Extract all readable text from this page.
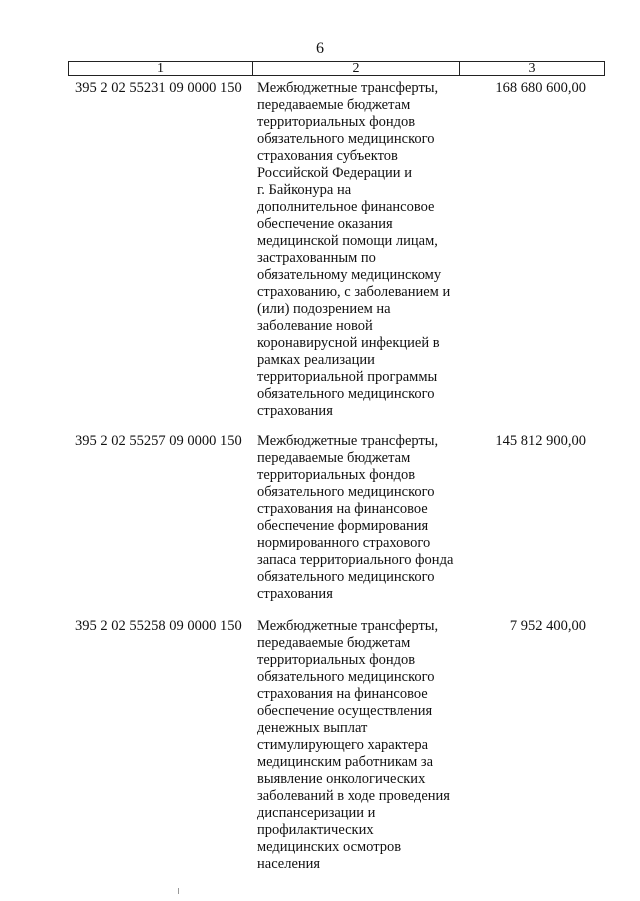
6
1	2	3
395 2 02 55231 09 0000 150 Межбюджетные трансферты,
передаваемые бюджетам
территориальных фондов
обязательного медицинского
страхования субъектов
Российской Федерации и
г. Байконура на
дополнительное финансовое
обеспечение оказания
медицинской помощи лицам,
застрахованным по
обязательному медицинскому
страхованию, с заболеванием и
(или) подозрением на
заболевание новой
коронавирусной инфекцией в
рамках реализации
территориальной программы
обязательного медицинского
страхования
168 680 600,00
395 2 02 55257 09 0000 150 Межбюджетные трансферты,
передаваемые бюджетам
территориальных фондов
обязательного медицинского
страхования на финансовое
обеспечение формирования
нормированного страхового
запаса территориального фонда
обязательного медицинского
страхования
145 812 900,00
395 2 02 55258 09 0000 150 Межбюджетные трансферты,
передаваемые бюджетам
территориальных фондов
обязательного медицинского
страхования на финансовое
обеспечение осуществления
денежных выплат
стимулирующего характера
медицинским работникам за
выявление онкологических
заболеваний в ходе проведения
диспансеризации и
профилактических
медицинских осмотров
населения
7 952 400,00
